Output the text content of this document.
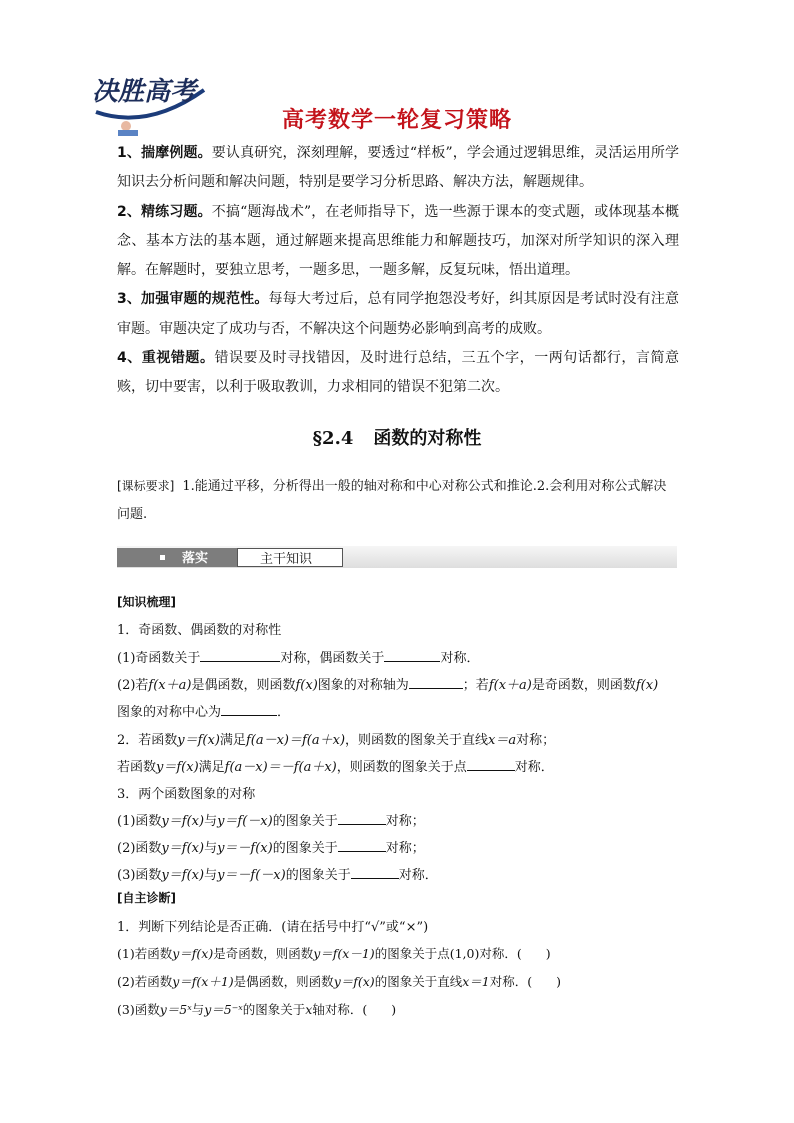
决胜高考
高考数学一轮复习策略
1、揣摩例题。要认真研究，深刻理解，要透过“样板”，学会通过逻辑思维，灵活运用所学知识去分析问题和解决问题，特别是要学习分析思路、解决方法，解题规律。
2、精练习题。不搞“题海战术”，在老师指导下，选一些源于课本的变式题，或体现基本概念、基本方法的基本题，通过解题来提高思维能力和解题技巧，加深对所学知识的深入理解。在解题时，要独立思考，一题多思，一题多解，反复玩味，悟出道理。
3、加强审题的规范性。每每大考过后，总有同学抱怨没考好，纠其原因是考试时没有注意审题。审题决定了成功与否，不解决这个问题势必影响到高考的成败。
4、重视错题。错误要及时寻找错因，及时进行总结，三五个字，一两句话都行，言简意赅，切中要害，以利于吸取教训，力求相同的错误不犯第二次。
§2.4 函数的对称性
[课标要求] 1.能通过平移，分析得出一般的轴对称和中心对称公式和推论.2.会利用对称公式解决问题.
落实	主干知识
[知识梳理]
1．奇函数、偶函数的对称性
(1)奇函数关于	对称，偶函数关于	对称．
(2)若f(x＋a)是偶函数，则函数f(x)图象的对称轴为	；若f(x＋a)是奇函数，则函数f(x)
图象的对称中心为	．
2．若函数y＝f(x)满足f(a－x)＝f(a＋x)，则函数的图象关于直线x＝a对称；
若函数y＝f(x)满足f(a－x)＝－f(a＋x)，则函数的图象关于点	对称．
3．两个函数图象的对称
(1)函数y＝f(x)与y＝f(－x)的图象关于	对称；
(2)函数y＝f(x)与y＝－f(x)的图象关于	对称；
(3)函数y＝f(x)与y＝－f(－x)的图象关于	对称．
[自主诊断]
1．判断下列结论是否正确．(请在括号中打“√”或“×”)
(1)若函数y＝f(x)是奇函数，则函数y＝f(x－1)的图象关于点(1,0)对称．( )
(2)若函数y＝f(x＋1)是偶函数，则函数y＝f(x)的图象关于直线x＝1对称．( )
(3)函数y＝5ˣ与y＝5⁻ˣ的图象关于x轴对称．( )
